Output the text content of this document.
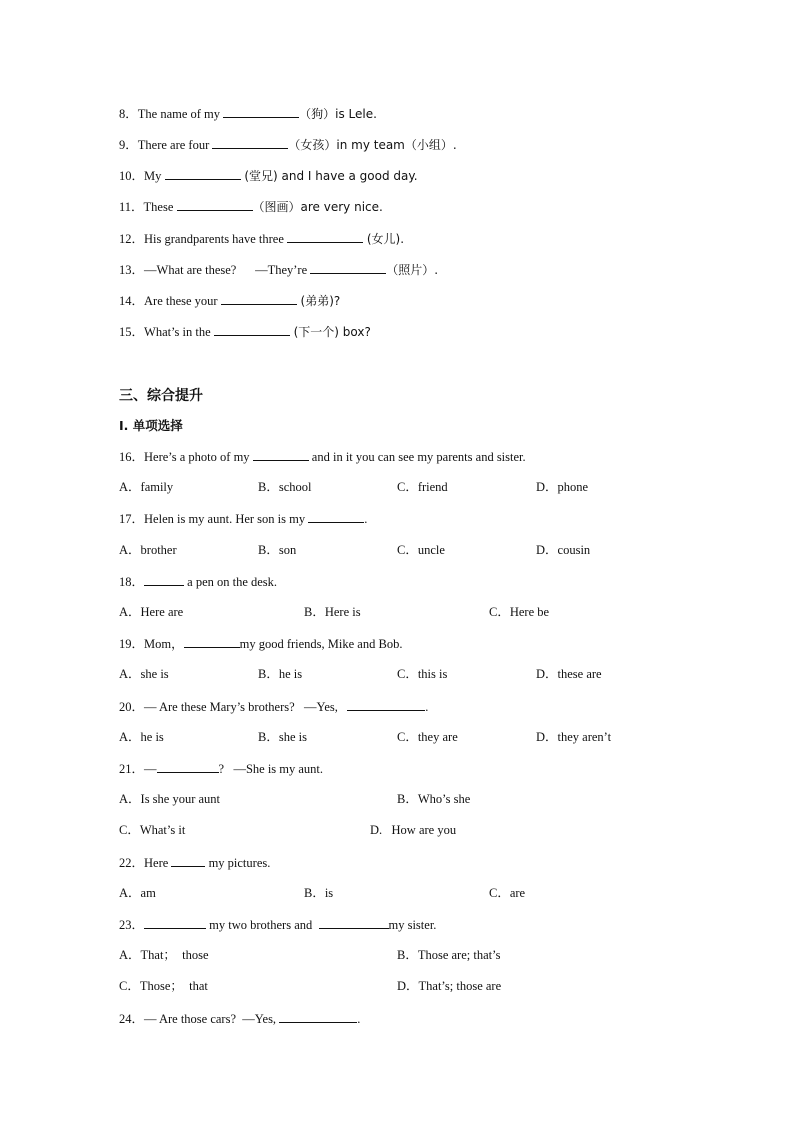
8．The name of my	（狗）is Lele.
9．There are four	（女孩）in my team（小组）.
10．My	(堂兄) and I have a good day.
11．These	（图画）are very nice.
12．His grandparents have three	(女儿).
13．—What are these?      —They’re	（照片）.
14．Are these your	(弟弟)?
15．What’s in the	(下一个) box?
三、综合提升
I. 单项选择
16．Here’s a photo of my	and in it you can see my parents and sister.
A．family	B．school	C．friend	D．phone
17．Helen is my aunt. Her son is my	.
A．brother	B．son	C．uncle	D．cousin
18．	a pen on the desk.
A．Here are	B．Here is	C．Here be
19．Mom，	my good friends, Mike and Bob.
A．she is	B．he is	C．this is	D．these are
20．— Are these Mary’s brothers?   —Yes,	.
A．he is	B．she is	C．they are	D．they aren’t
21．—	?   —She is my aunt.
A．Is she your aunt	B．Who’s she
C．What’s it	D.   How are you
22．Here	my pictures.
A．am	B．is	C．are
23．	my two brothers and	my sister.
A．That；  those	B．Those are; that’s
C．Those；  that	D．That’s; those are
24．— Are those cars?  —Yes,	.
